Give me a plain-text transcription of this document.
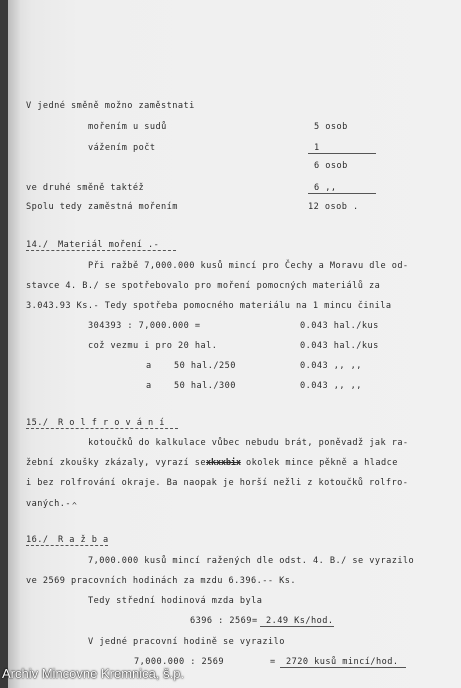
V jedné směně možno zaměstnati
mořením u sudů	5 osob
vážením počt	1
6 osob
ve druhé směně taktéž	6 ,,
Spolu tedy zaměstná mořením	12 osob .
14./ Materiál moření .-
Při ražbě 7,000.000 kusů mincí pro Čechy a Moravu dle od-
stavce 4. B./ se spotřebovalo pro moření pomocných materiálů za
3.043.93 Ks.- Tedy spotřeba pomocného materiálu na 1 mincu činila
304393 : 7,000.000 =	0.043 hal./kus
což vezmu i pro 20 hal.	0.043 hal./kus
a	50 hal./250	0.043 ,, ,,
a	50 hal./300	0.043 ,, ,,
15./ R o l f r o v á n í
kotoučků do kalkulace vůbec nebudu brát, poněvadž jak ra-
žební zkoušky zkázaly, vyrazí se xkxxbix okolek mince pěkně a hladce
i bez rolfrování okraje. Ba naopak je horší nežli z kotoučků rolfro-
vaných.- ^
16./ R a ž b a
7,000.000 kusů mincí ražených dle odst. 4. B./ se vyrazilo
ve 2569 pracovních hodinách za mzdu 6.396.-- Ks.
Tedy střední hodinová mzda byla
6396 : 2569 = 2.49 Ks/hod.
V jedné pracovní hodině se vyrazilo
7,000.000 : 2569	= 2720 kusů mincí/hod.
Archiv Mincovne Kremnica, š.p.
